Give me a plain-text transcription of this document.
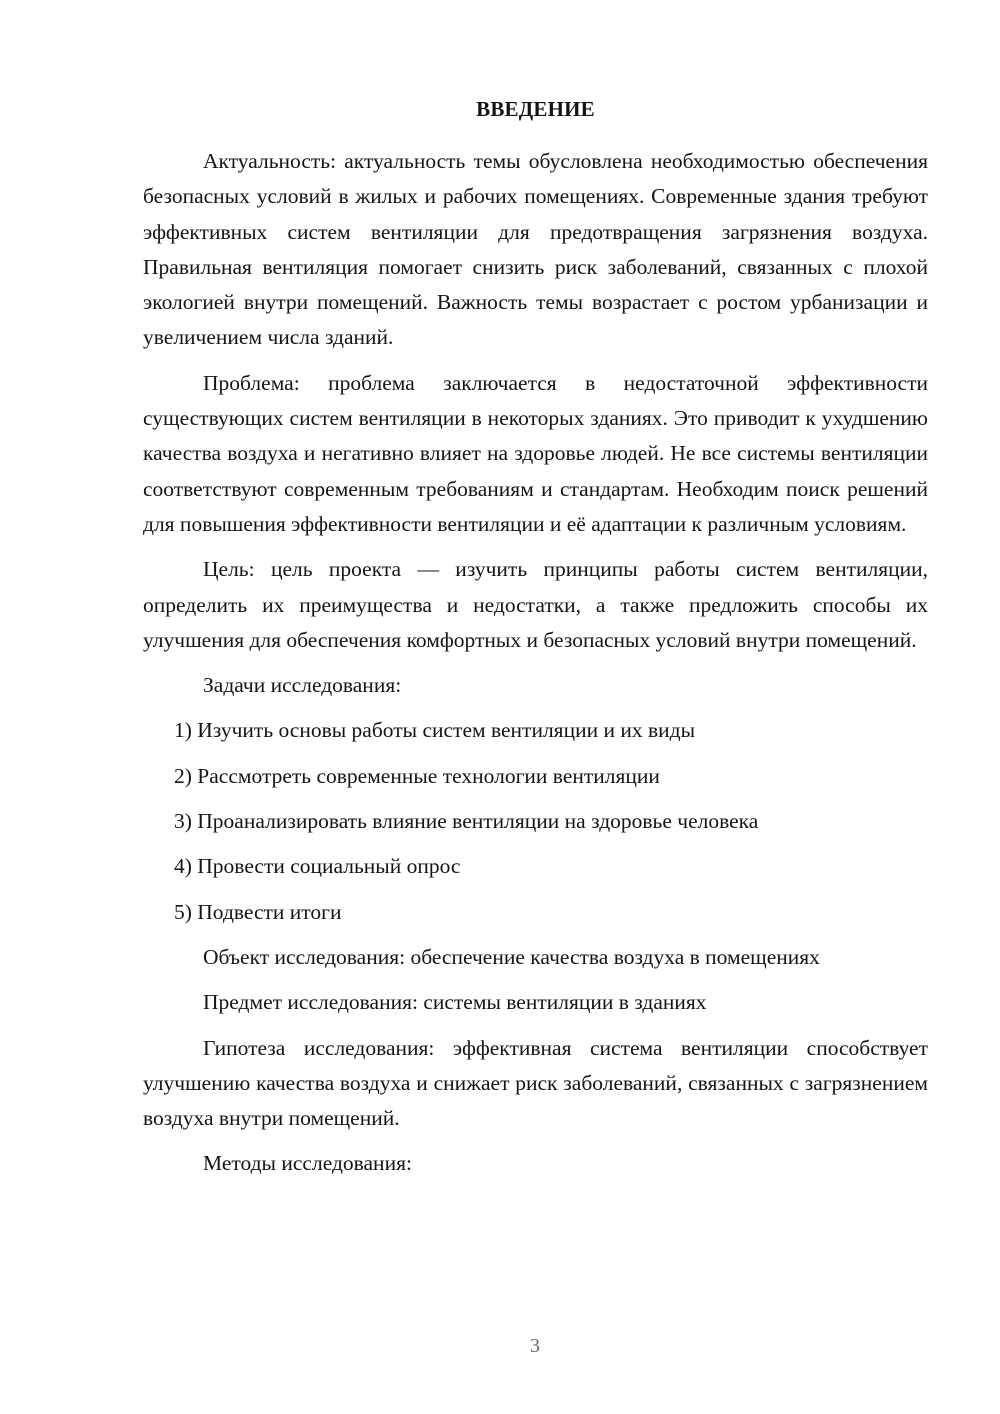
ВВЕДЕНИЕ

Актуальность: актуальность темы обусловлена необходимостью обеспечения безопасных условий в жилых и рабочих помещениях. Современные здания требуют эффективных систем вентиляции для предотвращения загрязнения воздуха. Правильная вентиляция помогает снизить риск заболеваний, связанных с плохой экологией внутри помещений. Важность темы возрастает с ростом урбанизации и увеличением числа зданий.

Проблема: проблема заключается в недостаточной эффективности существующих систем вентиляции в некоторых зданиях. Это приводит к ухудшению качества воздуха и негативно влияет на здоровье людей. Не все системы вентиляции соответствуют современным требованиям и стандартам. Необходим поиск решений для повышения эффективности вентиляции и её адаптации к различным условиям.

Цель: цель проекта — изучить принципы работы систем вентиляции, определить их преимущества и недостатки, а также предложить способы их улучшения для обеспечения комфортных и безопасных условий внутри помещений.

Задачи исследования:
1) Изучить основы работы систем вентиляции и их виды
2) Рассмотреть современные технологии вентиляции
3) Проанализировать влияние вентиляции на здоровье человека
4) Провести социальный опрос
5) Подвести итоги
Объект исследования: обеспечение качества воздуха в помещениях
Предмет исследования: системы вентиляции в зданиях

Гипотеза исследования: эффективная система вентиляции способствует улучшению качества воздуха и снижает риск заболеваний, связанных с загрязнением воздуха внутри помещений.

Методы исследования:
3
